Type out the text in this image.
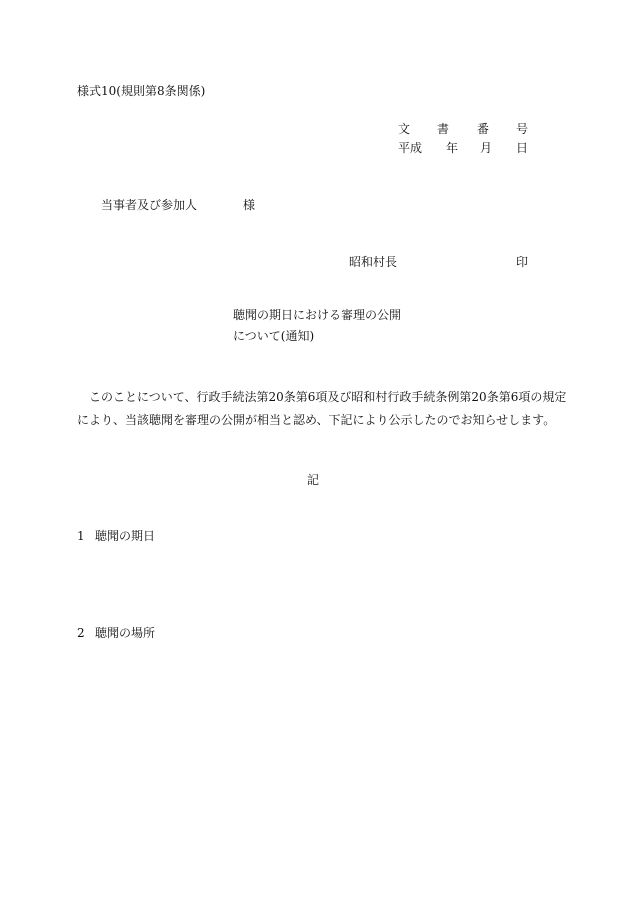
様式10(規則第8条関係)
文 書 番 号
平成 年 月 日
当事者及び参加人	様
昭和村長	印
聴聞の期日における審理の公開
について(通知)
このことについて、行政手続法第20条第6項及び昭和村行政手続条例第20条第6項の規定
により、当該聴聞を審理の公開が相当と認め、下記により公示したのでお知らせします。
記
1 聴聞の期日
2 聴聞の場所
